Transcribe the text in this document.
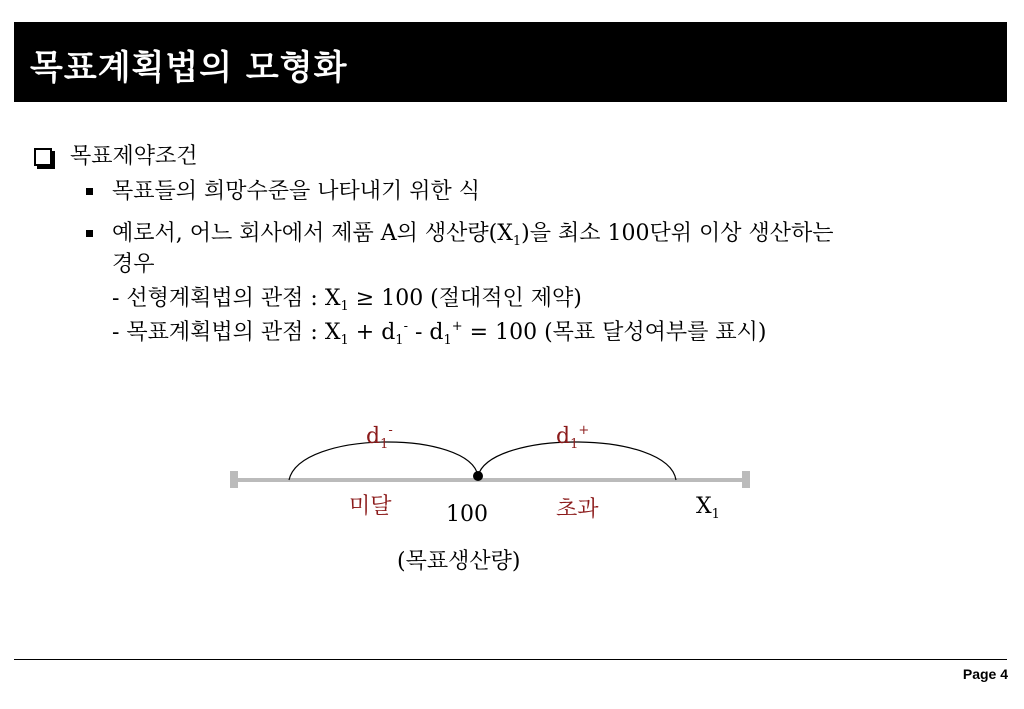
목표계획법의 모형화
목표제약조건
목표들의 희망수준을 나타내기 위한 식
예로서, 어느 회사에서 제품 A의 생산량$(X_1)$을 최소 100단위 이상 생산하는
경우
- 선형계획법의 관점 : $X_1 \ge 100$ (절대적인 제약)
- 목표계획법의 관점 : $X_1 + d_1^- - d_1^+ = 100$ (목표 달성여부를 표시)
$d_1^-$	$d_1^+$
미달 100	초과	$X_1$
(목표생산량)
Page 4
